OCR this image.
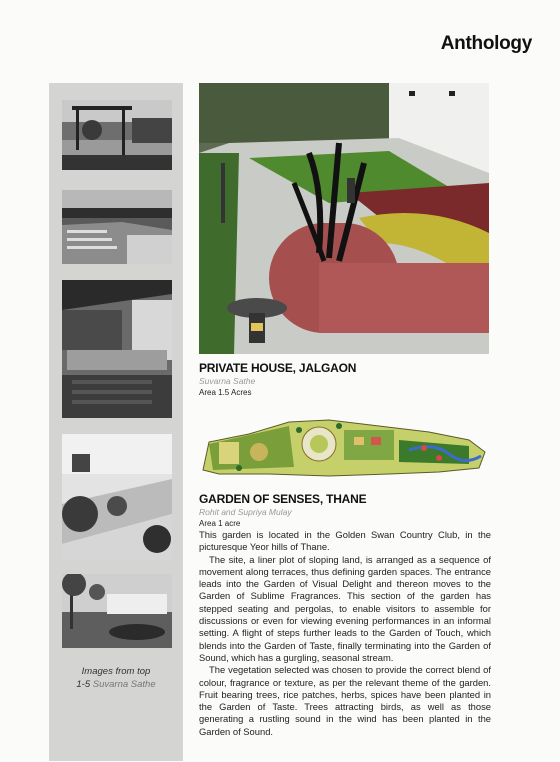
Anthology
Images from top
1-5 Suvarna Sathe
PRIVATE HOUSE, JALGAON
Suvarna Sathe
Area 1.5 Acres
GARDEN OF SENSES, THANE
Rohit and Supriya Mulay
Area 1 acre

This garden is located in the Golden Swan Country Club, in the picturesque Yeor hills of Thane.

The site, a liner plot of sloping land, is arranged as a sequence of movement along terraces, thus defining garden spaces. The entrance leads into the Garden of Visual Delight and thereon moves to the Garden of Sublime Fragrances. This section of the garden has stepped seating and pergolas, to enable visitors to assemble for discussions or even for viewing evening performances in an informal setting. A flight of steps further leads to the Garden of Touch, which blends into the Garden of Taste, finally terminating into the Garden of Sound, which has a gurgling, seasonal stream.

The vegetation selected was chosen to provide the correct blend of colour, fragrance or texture, as per the relevant theme of the garden. Fruit bearing trees, rice patches, herbs, spices have been planted in the Garden of Taste. Trees attracting birds, as well as those generating a rustling sound in the wind has been planted in the Garden of Sound.
